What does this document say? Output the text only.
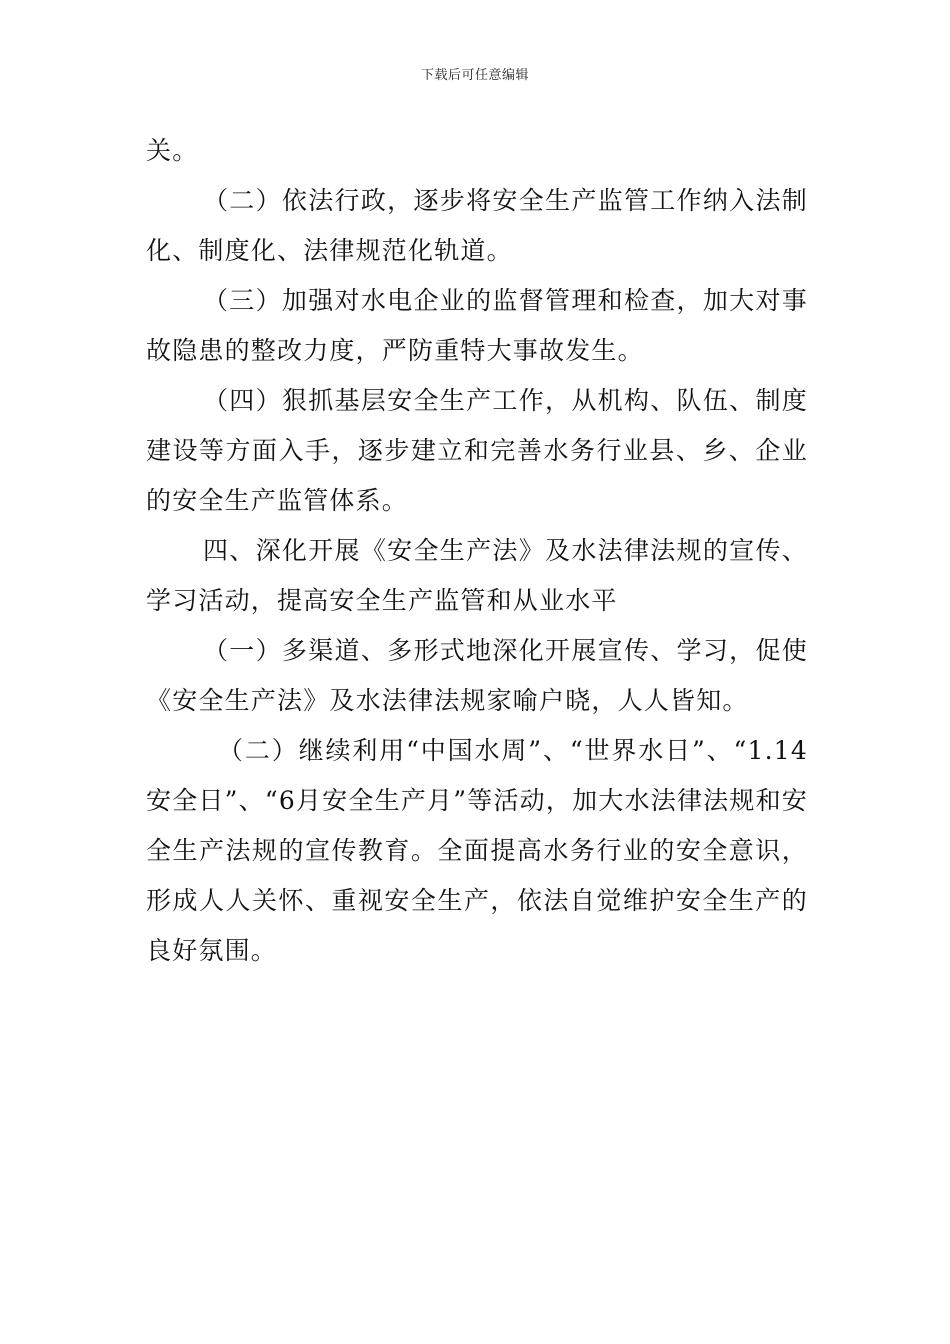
下载后可任意编辑

关。

（二）依法行政，逐步将安全生产监管工作纳入法制化、制度化、法律规范化轨道。

（三）加强对水电企业的监督管理和检查，加大对事故隐患的整改力度，严防重特大事故发生。

（四）狠抓基层安全生产工作，从机构、队伍、制度建设等方面入手，逐步建立和完善水务行业县、乡、企业的安全生产监管体系。

四、深化开展《安全生产法》及水法律法规的宣传、学习活动，提高安全生产监管和从业水平

（一）多渠道、多形式地深化开展宣传、学习，促使《安全生产法》及水法律法规家喻户晓，人人皆知。

（二）继续利用“中国水周”、“世界水日”、“1.14安全日”、“6月安全生产月”等活动，加大水法律法规和安全生产法规的宣传教育。全面提高水务行业的安全意识，形成人人关怀、重视安全生产，依法自觉维护安全生产的良好氛围。
